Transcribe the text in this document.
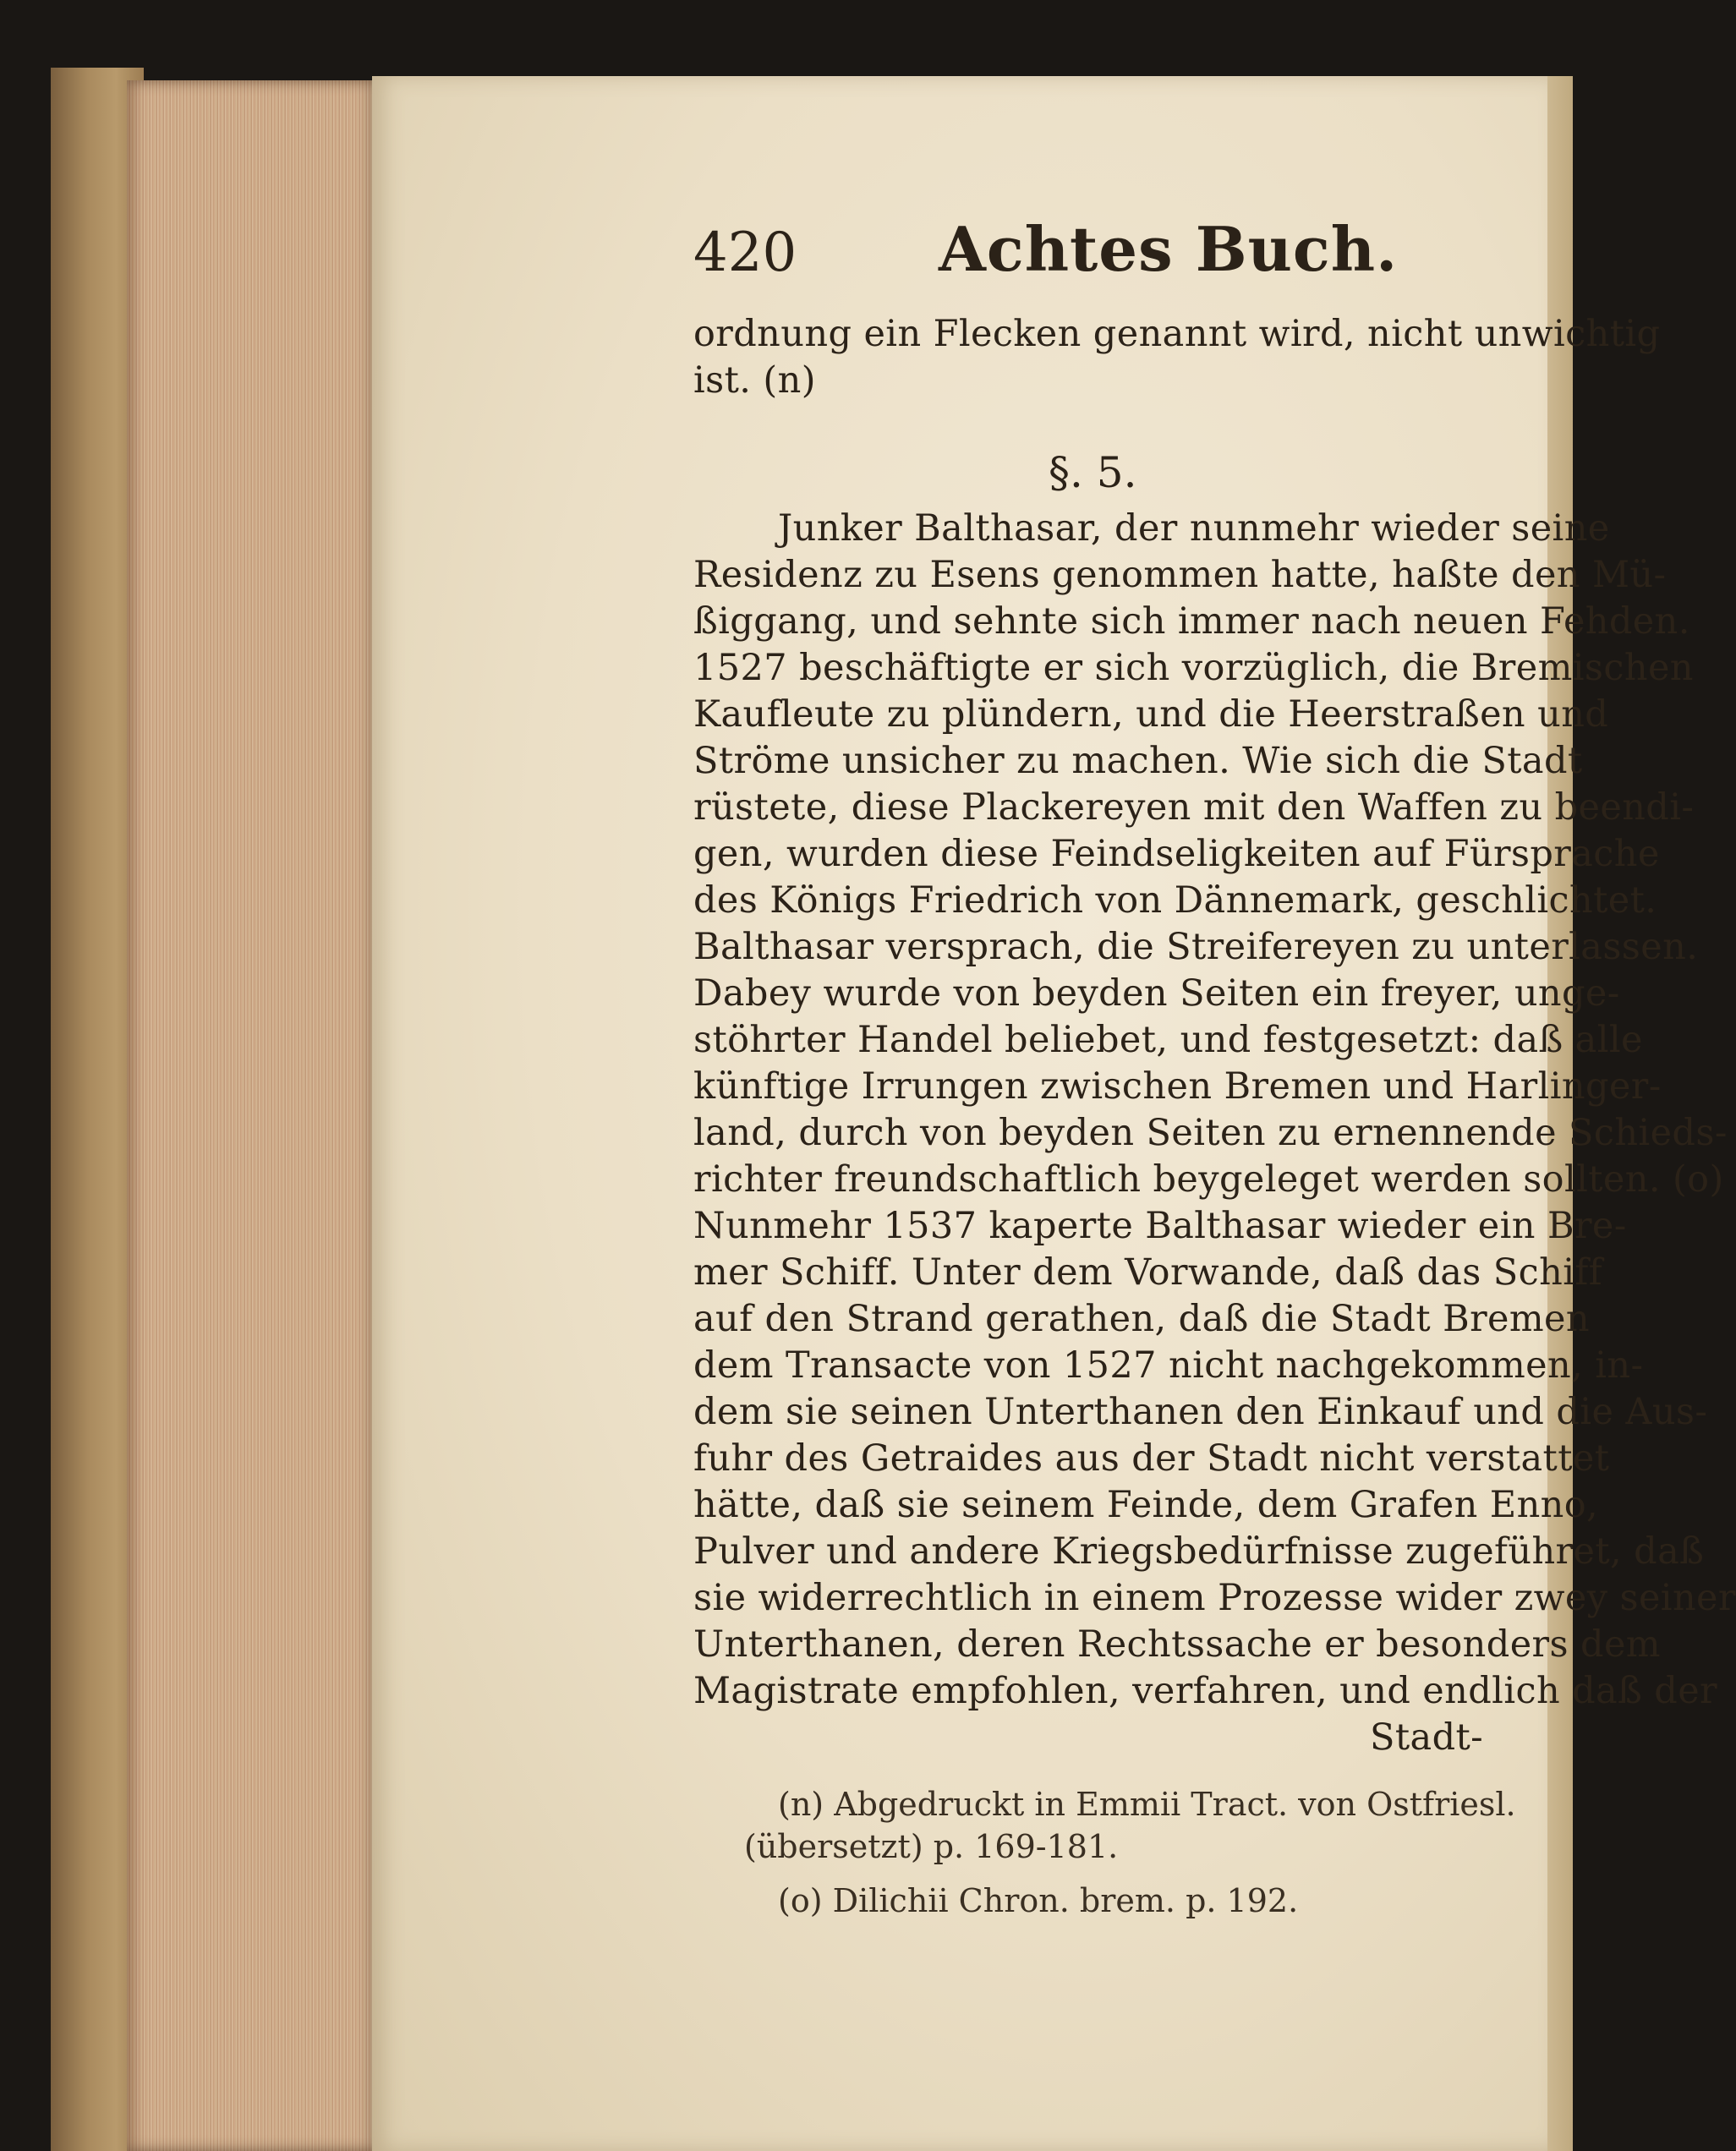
420 Achtes Buch.
ordnung ein Flecken genannt wird, nicht unwichtig
ist. (n)
§. 5.
Junker Balthasar, der nunmehr wieder seine
Residenz zu Esens genommen hatte, haßte den Mü-
ßiggang, und sehnte sich immer nach neuen Fehden.
1527 beschäftigte er sich vorzüglich, die Bremischen
Kaufleute zu plündern, und die Heerstraßen und
Ströme unsicher zu machen. Wie sich die Stadt
rüstete, diese Plackereyen mit den Waffen zu beendi-
gen, wurden diese Feindseligkeiten auf Fürsprache
des Königs Friedrich von Dännemark, geschlichtet.
Balthasar versprach, die Streifereyen zu unterlassen.
Dabey wurde von beyden Seiten ein freyer, unge-
stöhrter Handel beliebet, und festgesetzt: daß alle
künftige Irrungen zwischen Bremen und Harlinger-
land, durch von beyden Seiten zu ernennende Schieds-
richter freundschaftlich beygeleget werden sollten. (o)
Nunmehr 1537 kaperte Balthasar wieder ein Bre-
mer Schiff. Unter dem Vorwande, daß das Schiff
auf den Strand gerathen, daß die Stadt Bremen
dem Transacte von 1527 nicht nachgekommen, in-
dem sie seinen Unterthanen den Einkauf und die Aus-
fuhr des Getraides aus der Stadt nicht verstattet
hätte, daß sie seinem Feinde, dem Grafen Enno,
Pulver und andere Kriegsbedürfnisse zugeführet, daß
sie widerrechtlich in einem Prozesse wider zwey seiner
Unterthanen, deren Rechtssache er besonders dem
Magistrate empfohlen, verfahren, und endlich daß der
Stadt-
(n) Abgedruckt in Emmii Tract. von Ostfriesl.
(übersetzt) p. 169-181.
(o) Dilichii Chron. brem. p. 192.
